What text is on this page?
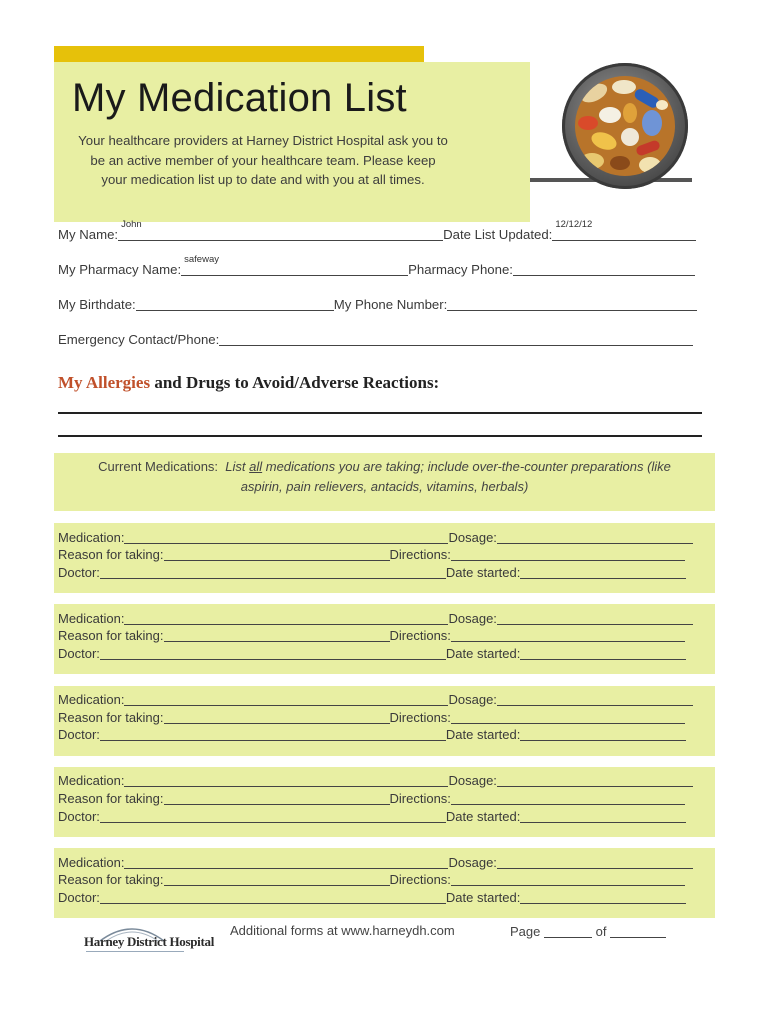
My Medication List
Your healthcare providers at Harney District Hospital ask you to
be an active member of your healthcare team. Please keep
your medication list up to date and with you at all times.
My Name:
John
Date List Updated:
12/12/12
My Pharmacy Name:
safeway
Pharmacy Phone:
My Birthdate:	My Phone Number:
Emergency Contact/Phone:
My Allergies and Drugs to Avoid/Adverse Reactions:
Current Medications: List all medications you are taking; include over-the-counter preparations (like
aspirin, pain relievers, antacids, vitamins, herbals)
Medication:	Dosage:
Reason for taking:	Directions:
Doctor:	Date started:
Medication:	Dosage:
Reason for taking:	Directions:
Doctor:	Date started:
Medication:	Dosage:
Reason for taking:	Directions:
Doctor:	Date started:
Medication:	Dosage:
Reason for taking:	Directions:
Doctor:	Date started:
Medication:	Dosage:
Reason for taking:	Directions:
Doctor:	Date started:
Harney District Hospital
Additional forms at www.harneydh.com	Page	of
